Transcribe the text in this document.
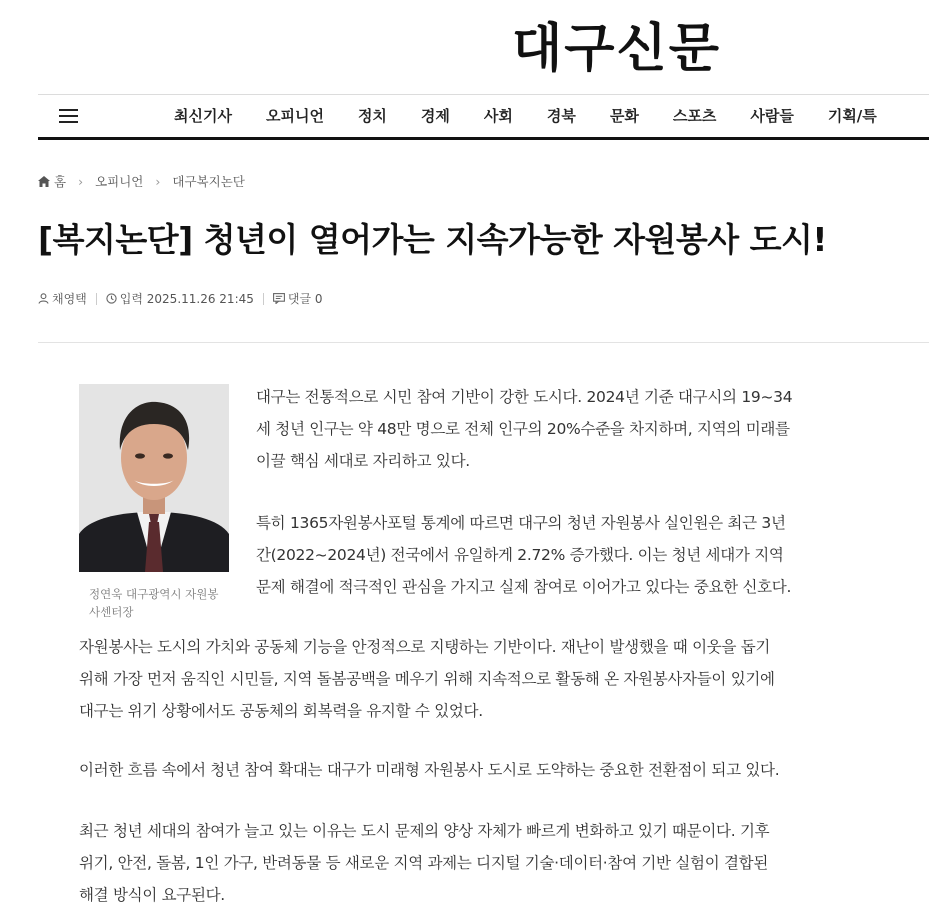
대구신문
최신기사 오피니언 정치 경제 사회 경북 문화 스포츠 사람들 기획/특
홈 › 오피니언 › 대구복지논단
[복지논단] 청년이 열어가는 지속가능한 자원봉사 도시!
채영택	입력 2025.11.26 21:45	댓글 0
정연욱 대구광역시 자원봉사센터장
대구는 전통적으로 시민 참여 기반이 강한 도시다. 2024년 기준 대구시의 19~34
세 청년 인구는 약 48만 명으로 전체 인구의 20%수준을 차지하며, 지역의 미래를
이끌 핵심 세대로 자리하고 있다.
특히 1365자원봉사포털 통계에 따르면 대구의 청년 자원봉사 실인원은 최근 3년
간(2022~2024년) 전국에서 유일하게 2.72% 증가했다. 이는 청년 세대가 지역
문제 해결에 적극적인 관심을 가지고 실제 참여로 이어가고 있다는 중요한 신호다.
자원봉사는 도시의 가치와 공동체 기능을 안정적으로 지탱하는 기반이다. 재난이 발생했을 때 이웃을 돕기
위해 가장 먼저 움직인 시민들, 지역 돌봄공백을 메우기 위해 지속적으로 활동해 온 자원봉사자들이 있기에
대구는 위기 상황에서도 공동체의 회복력을 유지할 수 있었다.
이러한 흐름 속에서 청년 참여 확대는 대구가 미래형 자원봉사 도시로 도약하는 중요한 전환점이 되고 있다.
최근 청년 세대의 참여가 늘고 있는 이유는 도시 문제의 양상 자체가 빠르게 변화하고 있기 때문이다. 기후
위기, 안전, 돌봄, 1인 가구, 반려동물 등 새로운 지역 과제는 디지털 기술·데이터·참여 기반 실험이 결합된
해결 방식이 요구된다.
